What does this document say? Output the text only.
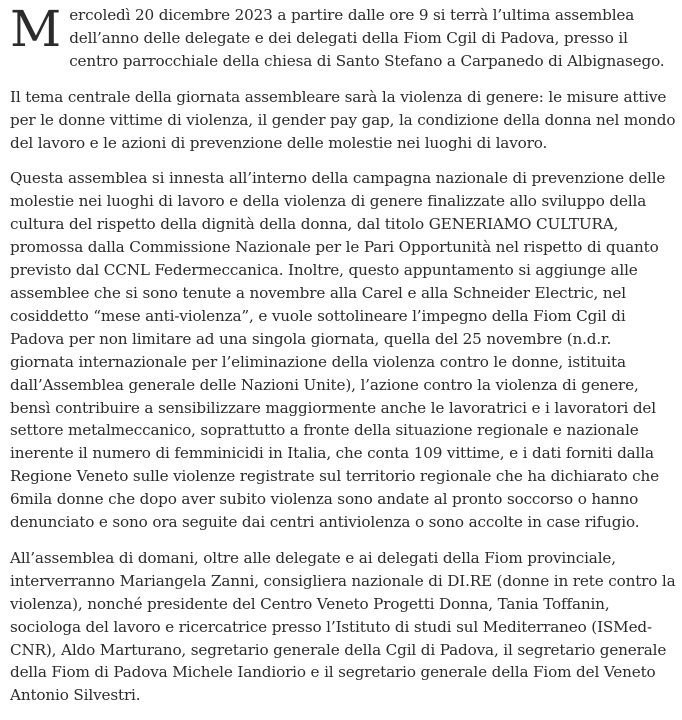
Mercoledì 20 dicembre 2023 a partire dalle ore 9 si terrà l’ultima assemblea dell’anno delle delegate e dei delegati della Fiom Cgil di Padova, presso il centro parrocchiale della chiesa di Santo Stefano a Carpanedo di Albignasego.

Il tema centrale della giornata assembleare sarà la violenza di genere: le misure attive per le donne vittime di violenza, il gender pay gap, la condizione della donna nel mondo del lavoro e le azioni di prevenzione delle molestie nei luoghi di lavoro.

Questa assemblea si innesta all’interno della campagna nazionale di prevenzione delle molestie nei luoghi di lavoro e della violenza di genere finalizzate allo sviluppo della cultura del rispetto della dignità della donna, dal titolo GENERIAMO CULTURA, promossa dalla Commissione Nazionale per le Pari Opportunità nel rispetto di quanto previsto dal CCNL Federmeccanica. Inoltre, questo appuntamento si aggiunge alle assemblee che si sono tenute a novembre alla Carel e alla Schneider Electric, nel cosiddetto “mese anti-violenza”, e vuole sottolineare l’impegno della Fiom Cgil di Padova per non limitare ad una singola giornata, quella del 25 novembre (n.d.r. giornata internazionale per l’eliminazione della violenza contro le donne, istituita dall’Assemblea generale delle Nazioni Unite), l’azione contro la violenza di genere, bensì contribuire a sensibilizzare maggiormente anche le lavoratrici e i lavoratori del settore metalmeccanico, soprattutto a fronte della situazione regionale e nazionale inerente il numero di femminicidi in Italia, che conta 109 vittime, e i dati forniti dalla Regione Veneto sulle violenze registrate sul territorio regionale che ha dichiarato che 6mila donne che dopo aver subito violenza sono andate al pronto soccorso o hanno denunciato e sono ora seguite dai centri antiviolenza o sono accolte in case rifugio.

All’assemblea di domani, oltre alle delegate e ai delegati della Fiom provinciale, interverranno Mariangela Zanni, consigliera nazionale di DI.RE (donne in rete contro la violenza), nonché presidente del Centro Veneto Progetti Donna, Tania Toffanin, sociologa del lavoro e ricercatrice presso l’Istituto di studi sul Mediterraneo (ISMed-CNR), Aldo Marturano, segretario generale della Cgil di Padova, il segretario generale della Fiom di Padova Michele Iandiorio e il segretario generale della Fiom del Veneto Antonio Silvestri.
